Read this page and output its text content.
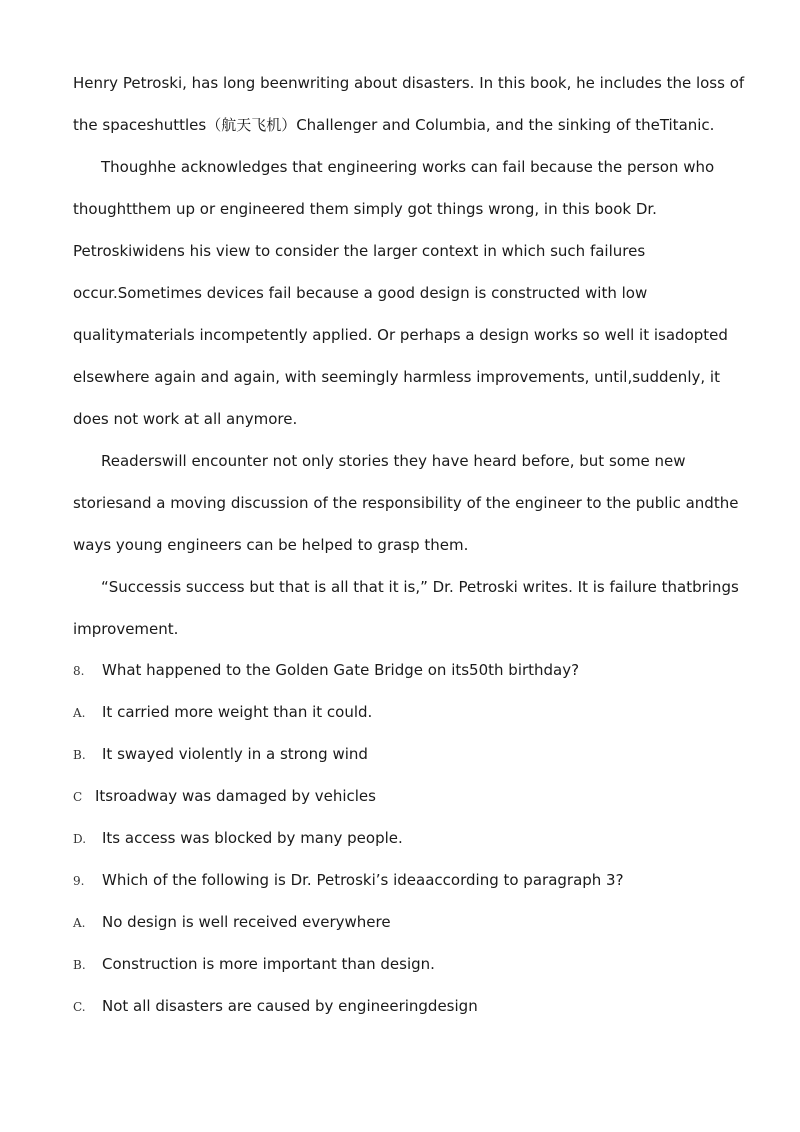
Henry Petroski, has long beenwriting about disasters. In this book, he includes the loss of
the spaceshuttles（航天飞机）Challenger and Columbia, and the sinking of theTitanic.
Thoughhe acknowledges that engineering works can fail because the person who
thoughtthem up or engineered them simply got things wrong, in this book Dr.
Petroskiwidens his view to consider the larger context in which such failures
occur.Sometimes devices fail because a good design is constructed with low
qualitymaterials incompetently applied. Or perhaps a design works so well it isadopted
elsewhere again and again, with seemingly harmless improvements, until,suddenly, it
does not work at all anymore.
Readerswill encounter not only stories they have heard before, but some new
storiesand a moving discussion of the responsibility of the engineer to the public andthe
ways young engineers can be helped to grasp them.
“Successis success but that is all that it is,” Dr. Petroski writes. It is failure thatbrings
improvement.
8. What happened to the Golden Gate Bridge on its50th birthday?
A. It carried more weight than it could.
B. It swayed violently in a strong wind
C Itsroadway was damaged by vehicles
D. Its access was blocked by many people.
9. Which of the following is Dr. Petroski’s ideaaccording to paragraph 3?
A. No design is well received everywhere
B. Construction is more important than design.
C. Not all disasters are caused by engineeringdesign
